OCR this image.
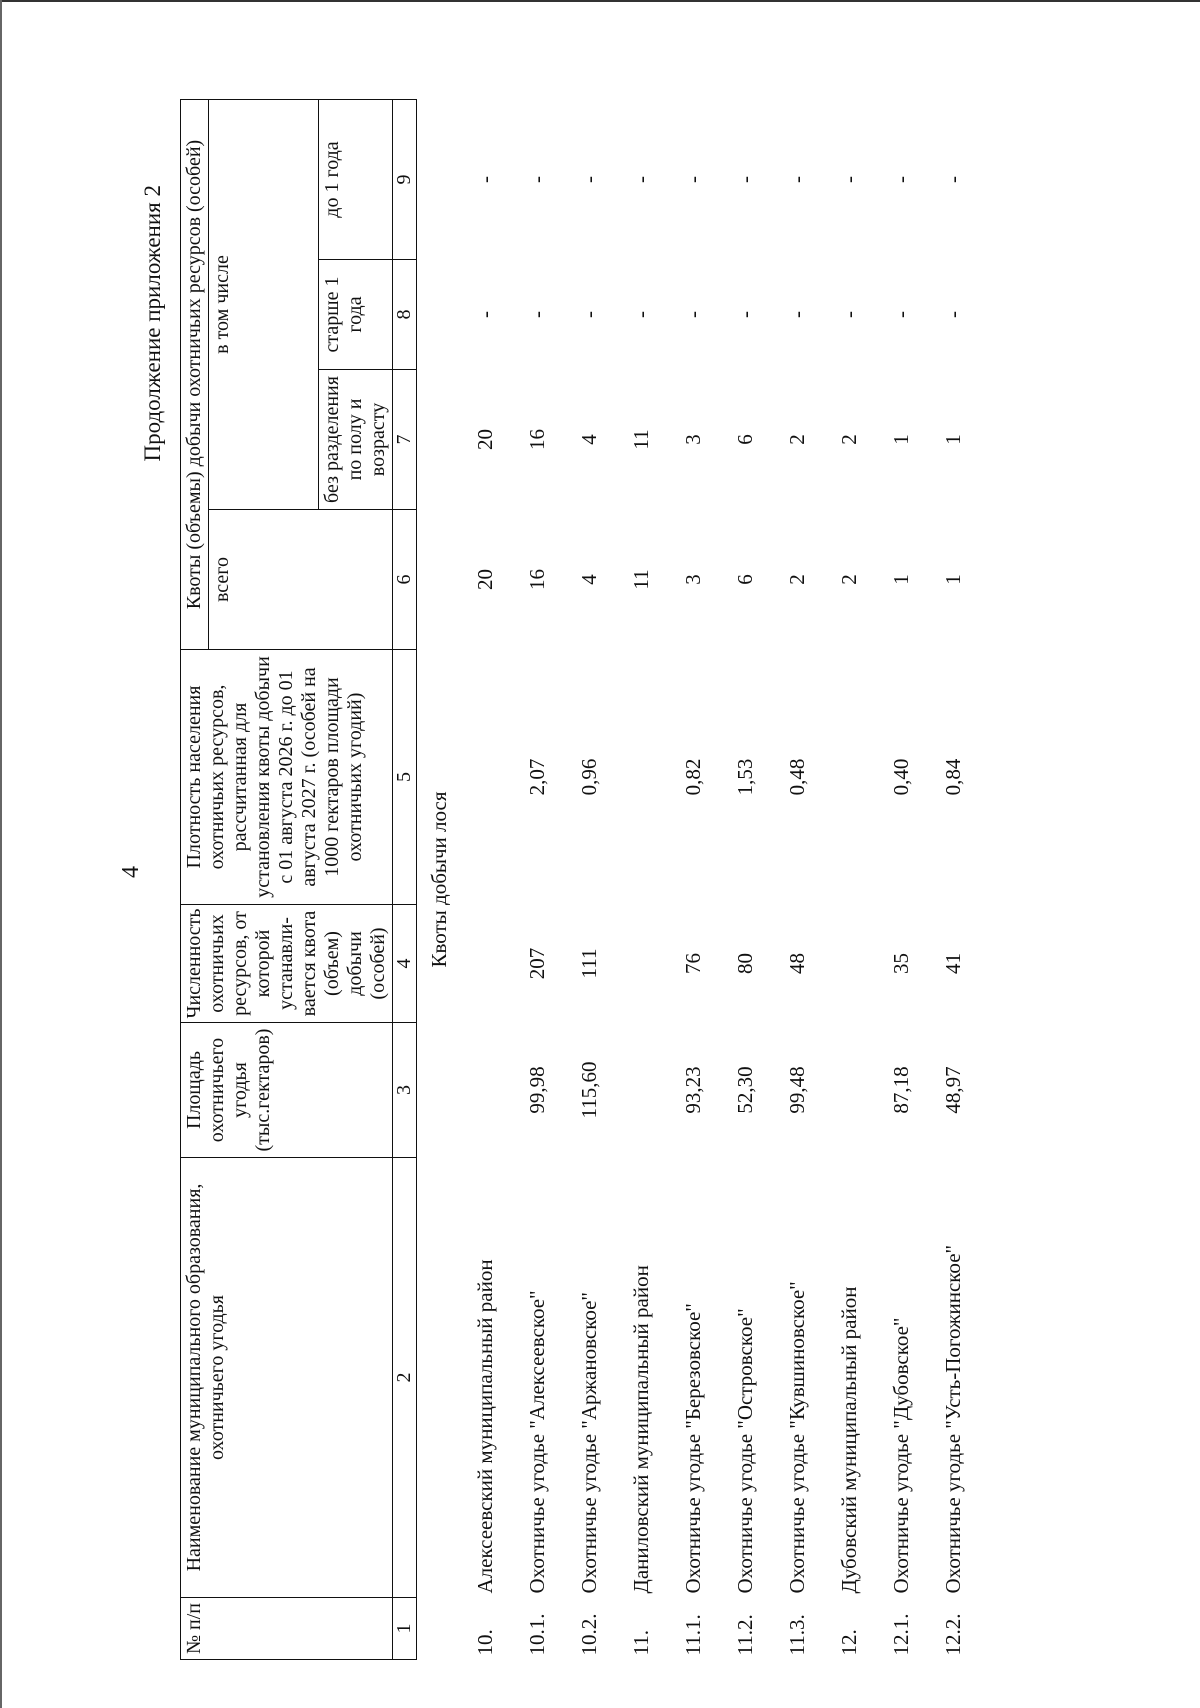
4
Продолжение приложения 2
№ п/п	Наименование муниципального образования, охотничьего угодья	Площадь охотничьего угодья (тыс.гектаров)	Численность охотничьих ресурсов, от которой устанавли-вается квота (объем) добычи (особей)	Плотность населения охотничьих ресурсов, рассчитанная для установления квоты добычи с 01 августа 2026 г. до 01 августа 2027 г. (особей на 1000 гектаров площади охотничьих угодий)	Квоты (объемы) добычи охотничьих ресурсов (особей)			
					всего	в том числе		
						без разделения по полу и возрасту	старше 1 года	до 1 года
1	2	3	4	5	6	7	8	9
Квоты добычи лося								
10.	Алексеевский муниципальный район				20	20	-	-
10.1.	Охотничье угодье "Алексеевское"	99,98	207	2,07	16	16	-	-
10.2.	Охотничье угодье "Аржановское"	115,60	111	0,96	4	4	-	-
11.	Даниловский муниципальный район				11	11	-	-
11.1.	Охотничье угодье "Березовское"	93,23	76	0,82	3	3	-	-
11.2.	Охотничье угодье "Островское"	52,30	80	1,53	6	6	-	-
11.3.	Охотничье угодье "Кувшиновское"	99,48	48	0,48	2	2	-	-
12.	Дубовский муниципальный район				2	2	-	-
12.1.	Охотничье угодье "Дубовское"	87,18	35	0,40	1	1	-	-
12.2.	Охотничье угодье "Усть-Погожинское"	48,97	41	0,84	1	1	-	-
